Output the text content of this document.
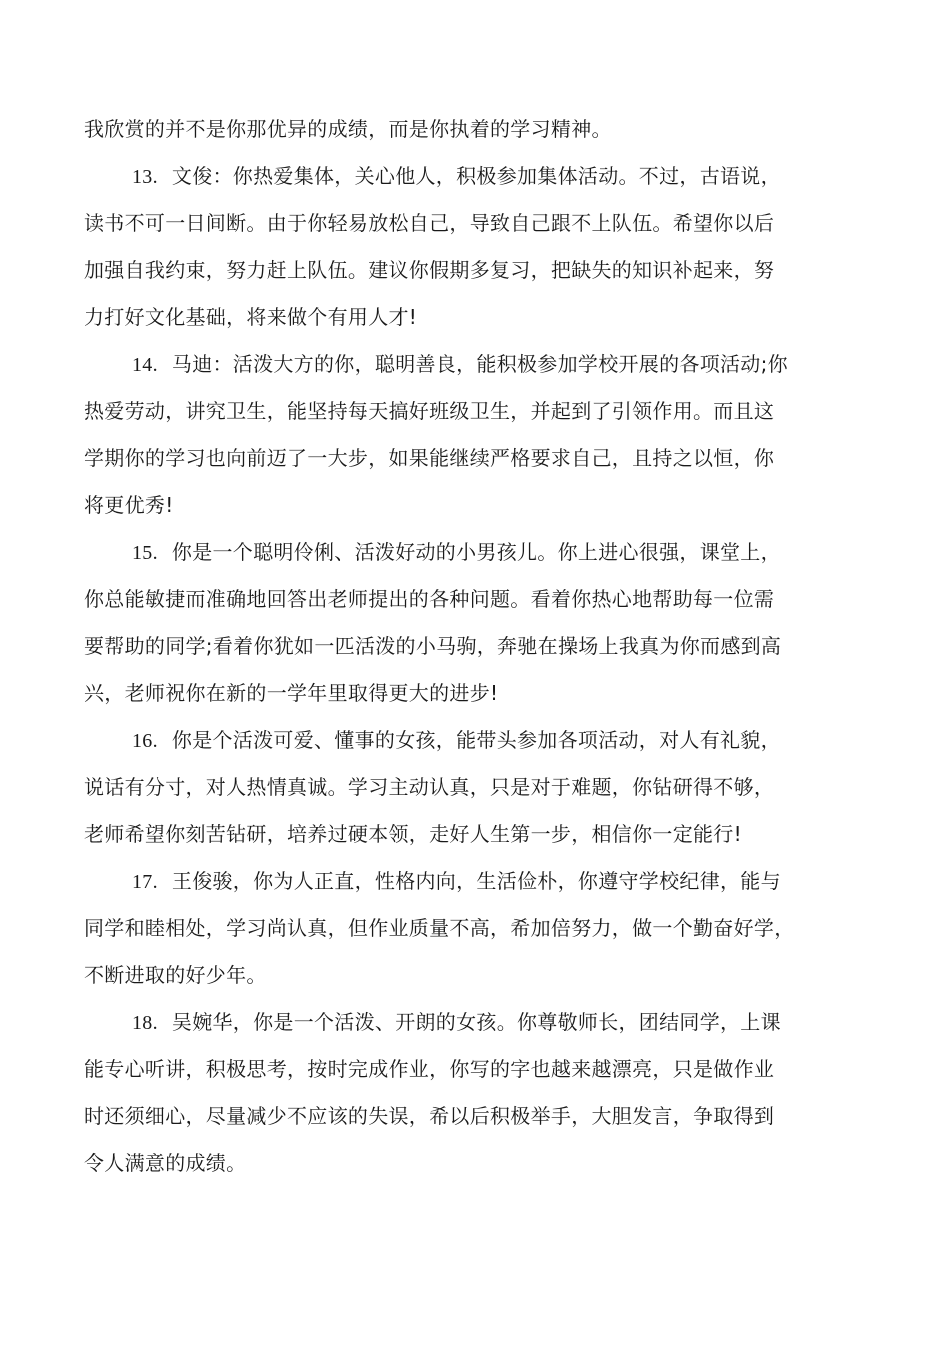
我欣赏的并不是你那优异的成绩，而是你执着的学习精神。
13. 文俊：你热爱集体，关心他人，积极参加集体活动。不过，古语说，
读书不可一日间断。由于你轻易放松自己，导致自己跟不上队伍。希望你以后
加强自我约束，努力赶上队伍。建议你假期多复习，把缺失的知识补起来，努
力打好文化基础，将来做个有用人才!
14. 马迪：活泼大方的你，聪明善良，能积极参加学校开展的各项活动;你
热爱劳动，讲究卫生，能坚持每天搞好班级卫生，并起到了引领作用。而且这
学期你的学习也向前迈了一大步，如果能继续严格要求自己，且持之以恒，你
将更优秀!
15. 你是一个聪明伶俐、活泼好动的小男孩儿。你上进心很强，课堂上，
你总能敏捷而准确地回答出老师提出的各种问题。看着你热心地帮助每一位需
要帮助的同学;看着你犹如一匹活泼的小马驹，奔驰在操场上我真为你而感到高
兴，老师祝你在新的一学年里取得更大的进步!
16. 你是个活泼可爱、懂事的女孩，能带头参加各项活动，对人有礼貌，
说话有分寸，对人热情真诚。学习主动认真，只是对于难题，你钻研得不够，
老师希望你刻苦钻研，培养过硬本领，走好人生第一步，相信你一定能行!
17. 王俊骏，你为人正直，性格内向，生活俭朴，你遵守学校纪律，能与
同学和睦相处，学习尚认真，但作业质量不高，希加倍努力，做一个勤奋好学，
不断进取的好少年。
18. 吴婉华，你是一个活泼、开朗的女孩。你尊敬师长，团结同学，上课
能专心听讲，积极思考，按时完成作业，你写的字也越来越漂亮，只是做作业
时还须细心，尽量减少不应该的失误，希以后积极举手，大胆发言，争取得到
令人满意的成绩。
